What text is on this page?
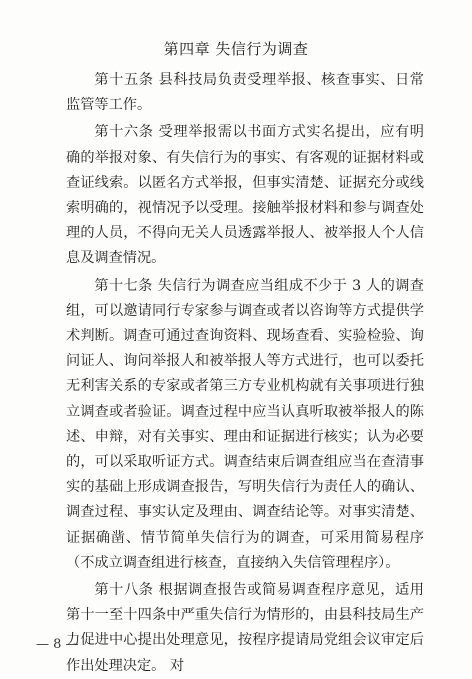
第四章 失信行为调查

第十五条 县科技局负责受理举报、核查事实、日常监管等工作。

第十六条 受理举报需以书面方式实名提出，应有明确的举报对象、有失信行为的事实、有客观的证据材料或查证线索。以匿名方式举报，但事实清楚、证据充分或线索明确的，视情况予以受理。接触举报材料和参与调查处理的人员，不得向无关人员透露举报人、被举报人个人信息及调查情况。

第十七条 失信行为调查应当组成不少于 3 人的调查组，可以邀请同行专家参与调查或者以咨询等方式提供学术判断。调查可通过查询资料、现场查看、实验检验、询问证人、询问举报人和被举报人等方式进行，也可以委托无利害关系的专家或者第三方专业机构就有关事项进行独立调查或者验证。调查过程中应当认真听取被举报人的陈述、申辩，对有关事实、理由和证据进行核实；认为必要的，可以采取听证方式。调查结束后调查组应当在查清事实的基础上形成调查报告，写明失信行为责任人的确认、调查过程、事实认定及理由、调查结论等。对事实清楚、证据确凿、情节简单失信行为的调查，可采用简易程序（不成立调查组进行核查，直接纳入失信管理程序）。

第十八条 根据调查报告或简易调查程序意见，适用第十一至十四条中严重失信行为情形的，由县科技局生产力促进中心提出处理意见，按程序提请局党组会议审定后作出处理决定。 对

— 8 —
